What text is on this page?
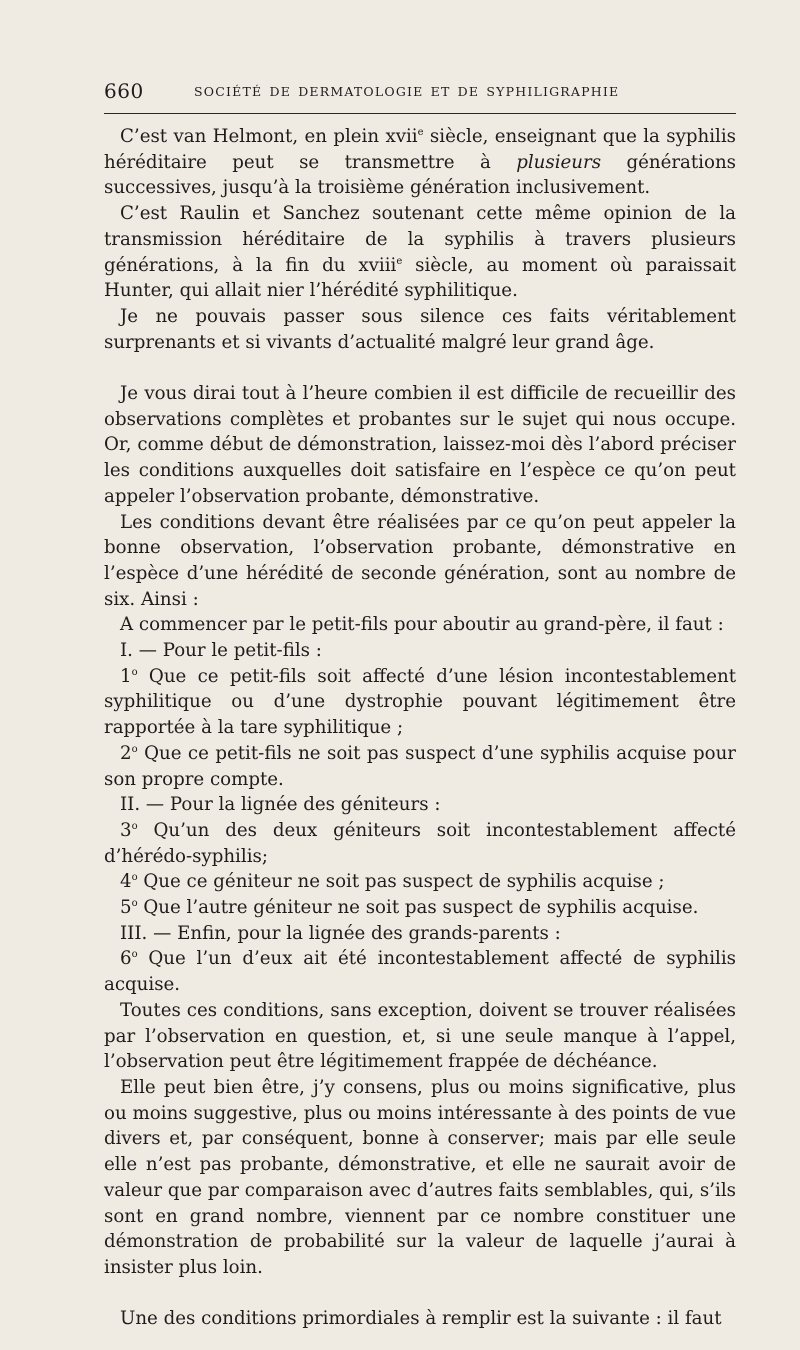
660	SOCIÉTÉ DE DERMATOLOGIE ET DE SYPHILIGRAPHIE

C’est van Helmont, en plein xvii$^e$ siècle, enseignant que la syphilis héréditaire peut se transmettre à plusieurs générations successives, jusqu’à la troisième génération inclusivement.

C’est Raulin et Sanchez soutenant cette même opinion de la transmission héréditaire de la syphilis à travers plusieurs générations, à la fin du xviii$^e$ siècle, au moment où paraissait Hunter, qui allait nier l’hérédité syphilitique.

Je ne pouvais passer sous silence ces faits véritablement surprenants et si vivants d’actualité malgré leur grand âge.

Je vous dirai tout à l’heure combien il est difficile de recueillir des observations complètes et probantes sur le sujet qui nous occupe. Or, comme début de démonstration, laissez-moi dès l’abord préciser les conditions auxquelles doit satisfaire en l’espèce ce qu’on peut appeler l’observation probante, démonstrative.

Les conditions devant être réalisées par ce qu’on peut appeler la bonne observation, l’observation probante, démonstrative en l’espèce d’une hérédité de seconde génération, sont au nombre de six. Ainsi :

A commencer par le petit-fils pour aboutir au grand-père, il faut :

I. — Pour le petit-fils :

1$^o$ Que ce petit-fils soit affecté d’une lésion incontestablement syphilitique ou d’une dystrophie pouvant légitimement être rapportée à la tare syphilitique ;

2$^o$ Que ce petit-fils ne soit pas suspect d’une syphilis acquise pour son propre compte.

II. — Pour la lignée des géniteurs :

3$^o$ Qu’un des deux géniteurs soit incontestablement affecté d’hérédo-syphilis;

4$^o$ Que ce géniteur ne soit pas suspect de syphilis acquise ;

5$^o$ Que l’autre géniteur ne soit pas suspect de syphilis acquise.

III. — Enfin, pour la lignée des grands-parents :

6$^o$ Que l’un d’eux ait été incontestablement affecté de syphilis acquise.

Toutes ces conditions, sans exception, doivent se trouver réalisées par l’observation en question, et, si une seule manque à l’appel, l’observation peut être légitimement frappée de déchéance.

Elle peut bien être, j’y consens, plus ou moins significative, plus ou moins suggestive, plus ou moins intéressante à des points de vue divers et, par conséquent, bonne à conserver; mais par elle seule elle n’est pas probante, démonstrative, et elle ne saurait avoir de valeur que par comparaison avec d’autres faits semblables, qui, s’ils sont en grand nombre, viennent par ce nombre constituer une démonstration de probabilité sur la valeur de laquelle j’aurai à insister plus loin.

Une des conditions primordiales à remplir est la suivante : il faut
